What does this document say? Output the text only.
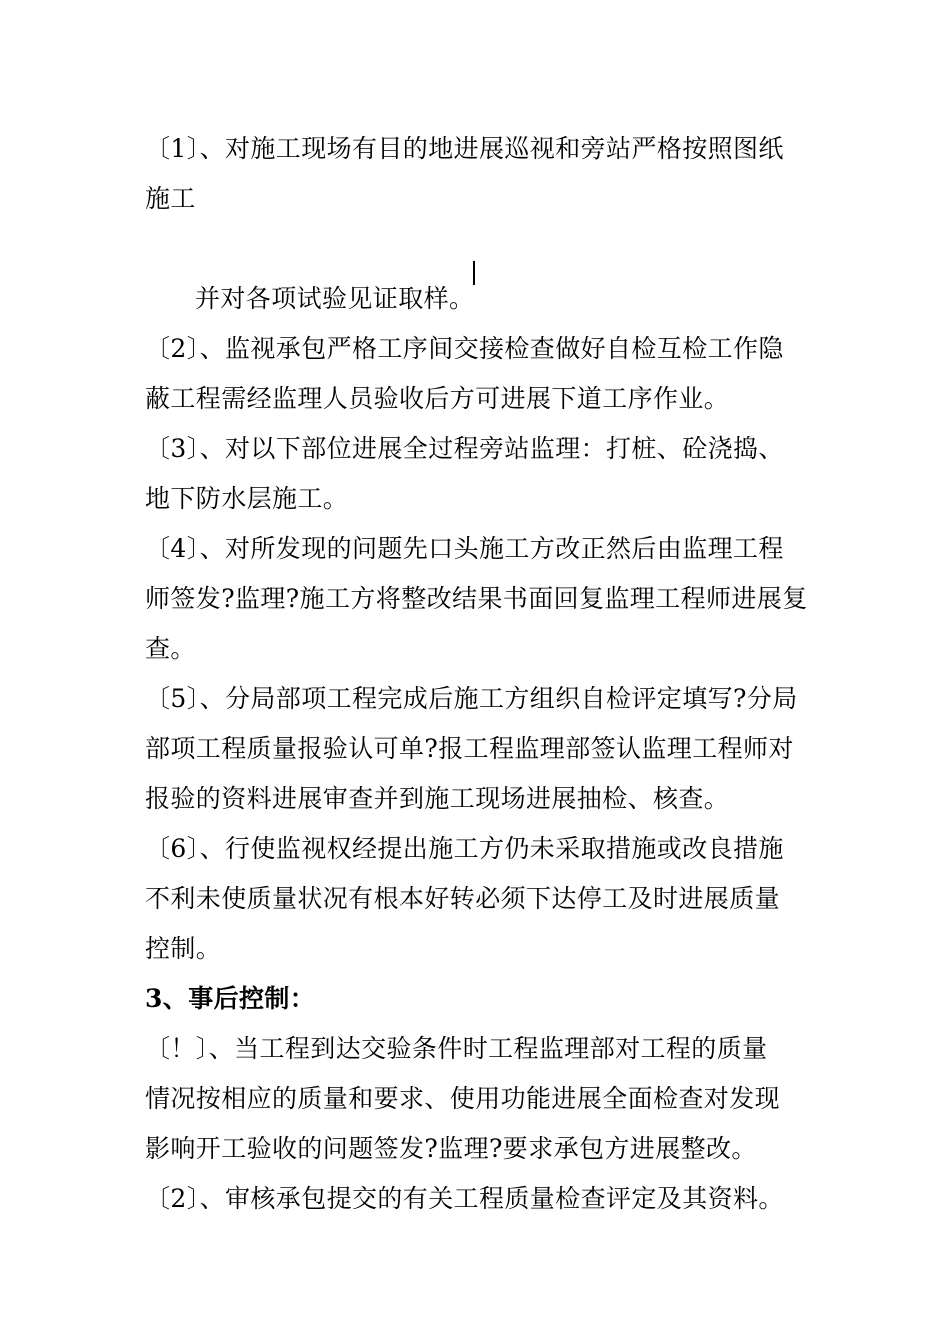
〔1〕、对施工现场有目的地进展巡视和旁站严格按照图纸
施工
并对各项试验见证取样。
〔2〕、监视承包严格工序间交接检查做好自检互检工作隐
蔽工程需经监理人员验收后方可进展下道工序作业。
〔3〕、对以下部位进展全过程旁站监理：打桩、砼浇捣、
地下防水层施工。
〔4〕、对所发现的问题先口头施工方改正然后由监理工程
师签发?监理?施工方将整改结果书面回复监理工程师进展复
查。
〔5〕、分局部项工程完成后施工方组织自检评定填写?分局
部项工程质量报验认可单?报工程监理部签认监理工程师对
报验的资料进展审查并到施工现场进展抽检、核查。
〔6〕、行使监视权经提出施工方仍未采取措施或改良措施
不利未使质量状况有根本好转必须下达停工及时进展质量
控制。
3、事后控制：
〔！〕、当工程到达交验条件时工程监理部对工程的质量
情况按相应的质量和要求、使用功能进展全面检查对发现
影响开工验收的问题签发?监理?要求承包方进展整改。
〔2〕、审核承包提交的有关工程质量检查评定及其资料。
